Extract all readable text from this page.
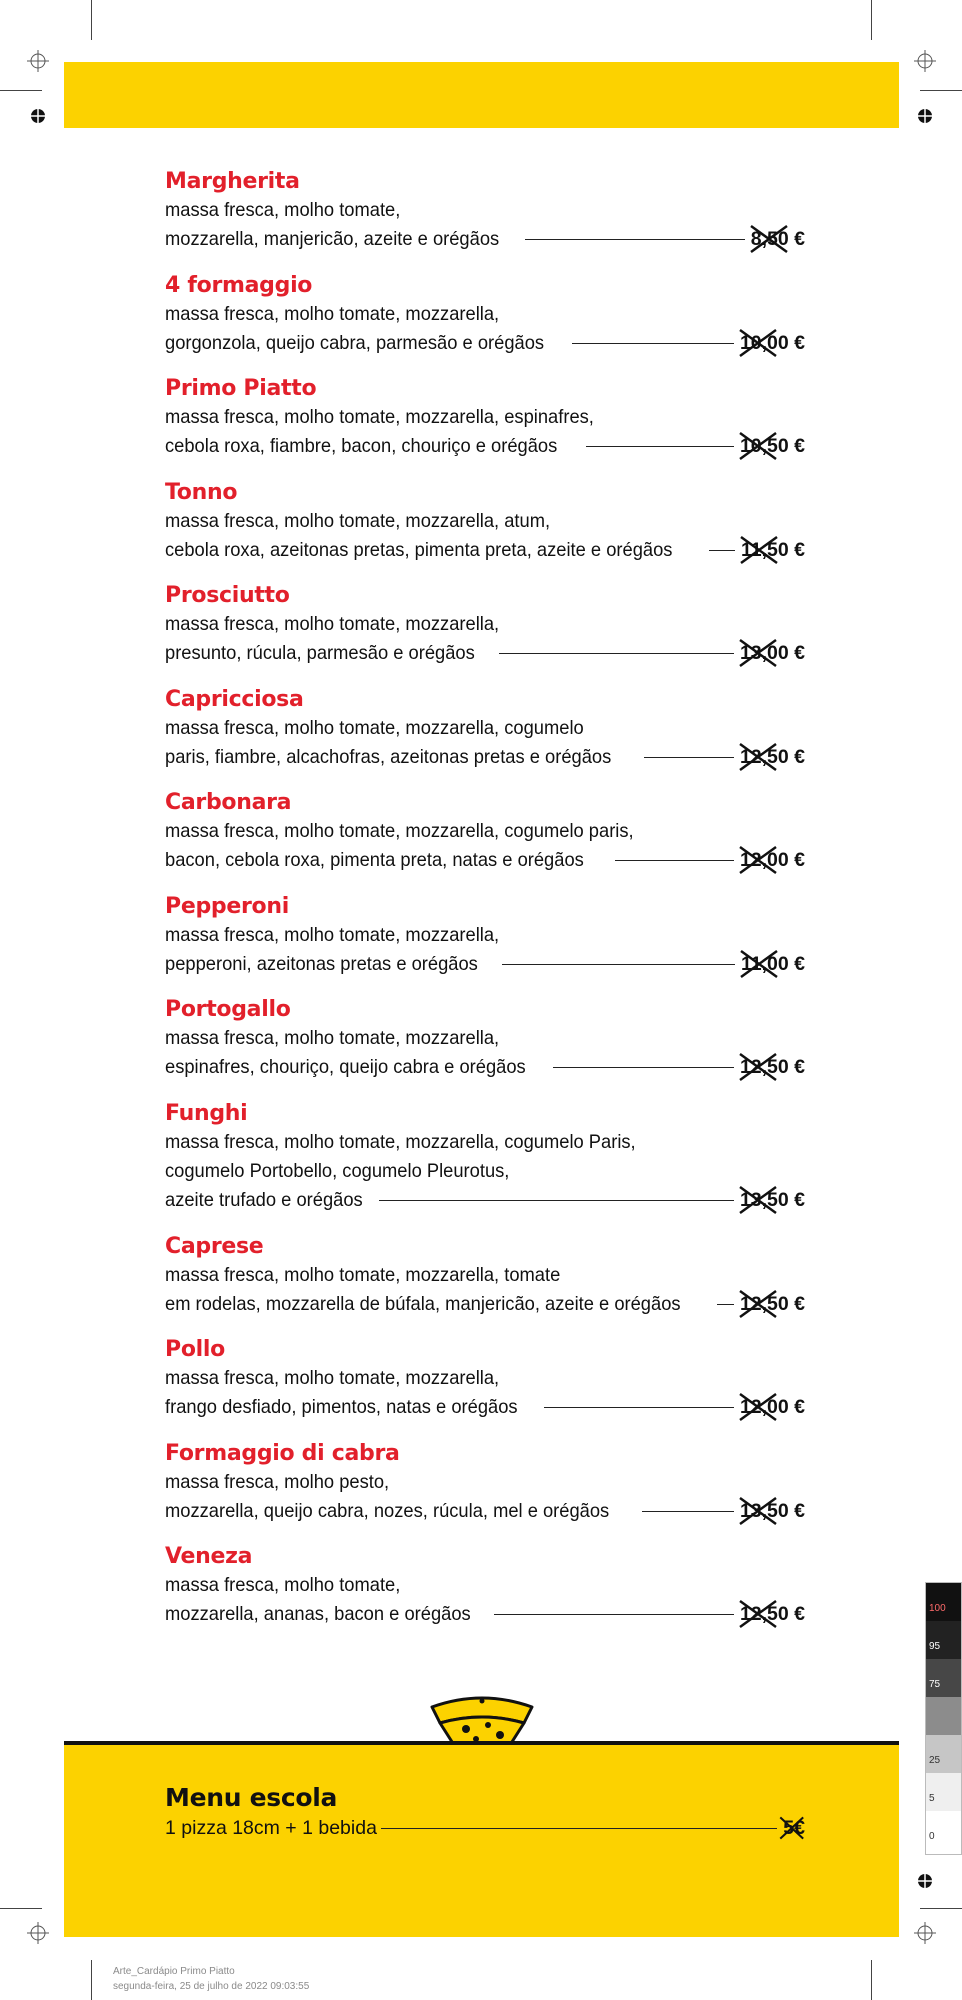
Margherita
massa fresca, molho tomate,
mozzarella, manjericão, azeite e orégãos	8,50 €
4 formaggio
massa fresca, molho tomate, mozzarella,
gorgonzola, queijo cabra, parmesão e orégãos	10,00 €
Primo Piatto
massa fresca, molho tomate, mozzarella, espinafres,
cebola roxa, fiambre, bacon, chouriço e orégãos	10,50 €
Tonno
massa fresca, molho tomate, mozzarella, atum,
cebola roxa, azeitonas pretas, pimenta preta, azeite e orégãos	11,50 €
Prosciutto
massa fresca, molho tomate, mozzarella,
presunto, rúcula, parmesão e orégãos	13,00 €
Capricciosa
massa fresca, molho tomate, mozzarella, cogumelo
paris, fiambre, alcachofras, azeitonas pretas e orégãos	12,50 €
Carbonara
massa fresca, molho tomate, mozzarella, cogumelo paris,
bacon, cebola roxa, pimenta preta, natas e orégãos	12,00 €
Pepperoni
massa fresca, molho tomate, mozzarella,
pepperoni, azeitonas pretas e orégãos	11,00 €
Portogallo
massa fresca, molho tomate, mozzarella,
espinafres, chouriço, queijo cabra e orégãos	12,50 €
Funghi
massa fresca, molho tomate, mozzarella, cogumelo Paris,
cogumelo Portobello, cogumelo Pleurotus,
azeite trufado e orégãos	13,50 €
Caprese
massa fresca, molho tomate, mozzarella, tomate
em rodelas, mozzarella de búfala, manjericão, azeite e orégãos	12,50 €
Pollo
massa fresca, molho tomate, mozzarella,
frango desfiado, pimentos, natas e orégãos	12,00 €
Formaggio di cabra
massa fresca, molho pesto,
mozzarella, queijo cabra, nozes, rúcula, mel e orégãos	13,50 €
Veneza
massa fresca, molho tomate,
mozzarella, ananas, bacon e orégãos	12,50 €
Menu escola
1 pizza 18cm + 1 bebida	5€
100
95
75
25
5
0
Arte_Cardápio Primo Piatto
segunda-feira, 25 de julho de 2022 09:03:55
